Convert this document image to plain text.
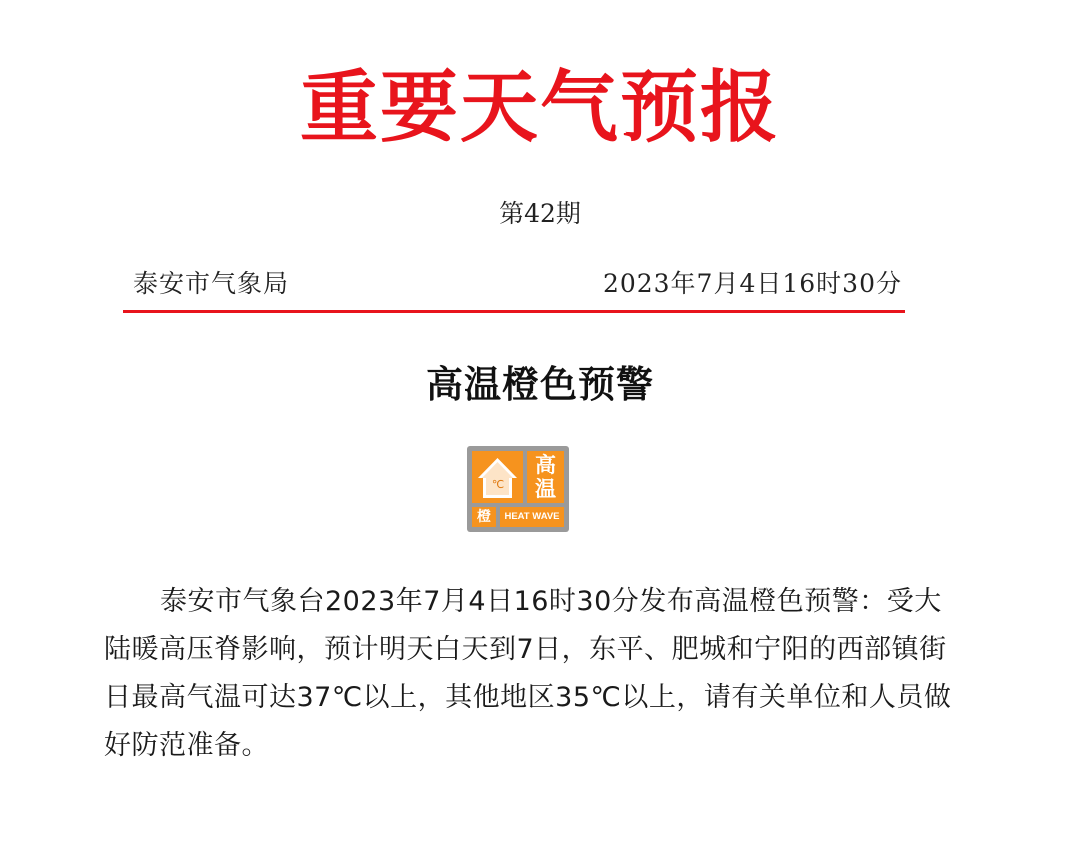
重要天气预报
第42期
泰安市气象局	2023年7月4日16时30分
高温橙色预警
℃
高
温
橙	HEAT WAVE
泰安市气象台2023年7月4日16时30分发布高温橙色预警：受大陆暖高压脊影响，预计明天白天到7日，东平、肥城和宁阳的西部镇街日最高气温可达37℃以上，其他地区35℃以上，请有关单位和人员做好防范准备。
